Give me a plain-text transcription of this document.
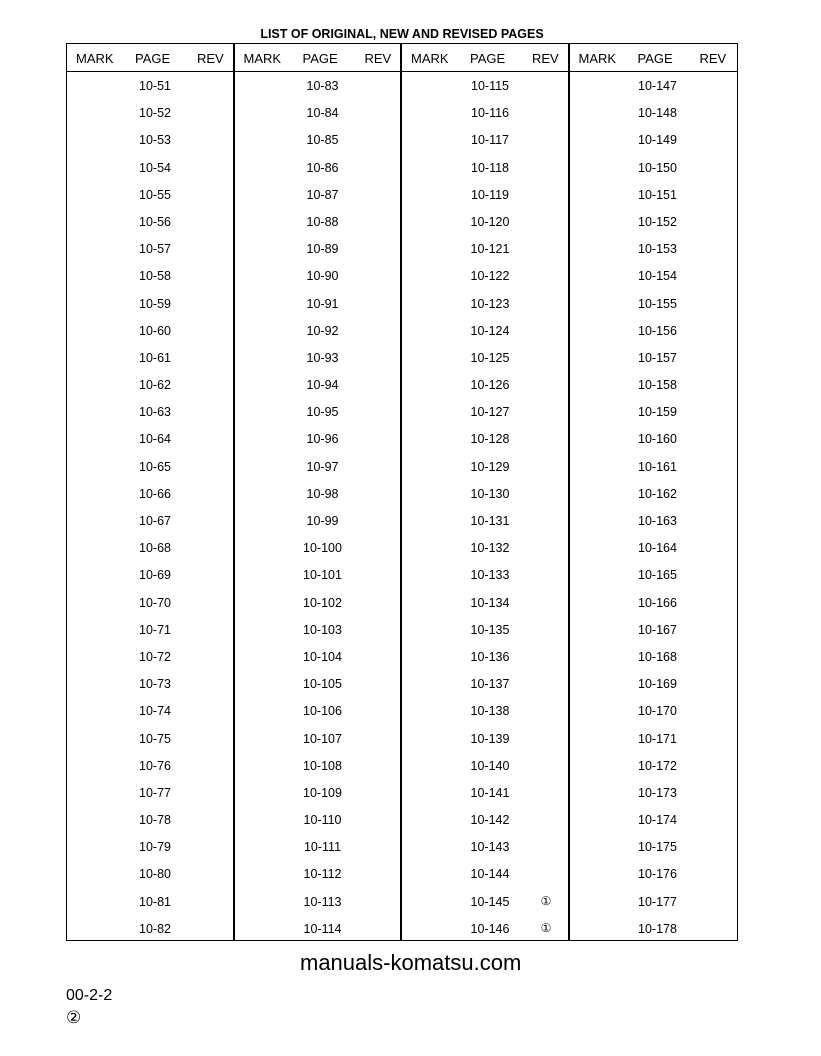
LIST OF ORIGINAL, NEW AND REVISED PAGES
MARK PAGE REV
10-51
10-52
10-53
10-54
10-55
10-56
10-57
10-58
10-59
10-60
10-61
10-62
10-63
10-64
10-65
10-66
10-67
10-68
10-69
10-70
10-71
10-72
10-73
10-74
10-75
10-76
10-77
10-78
10-79
10-80
10-81
10-82
MARK PAGE REV
10-83
10-84
10-85
10-86
10-87
10-88
10-89
10-90
10-91
10-92
10-93
10-94
10-95
10-96
10-97
10-98
10-99
10-100
10-101
10-102
10-103
10-104
10-105
10-106
10-107
10-108
10-109
10-110
10-111
10-112
10-113
10-114
MARK PAGE REV
10-115
10-116
10-117
10-118
10-119
10-120
10-121
10-122
10-123
10-124
10-125
10-126
10-127
10-128
10-129
10-130
10-131
10-132
10-133
10-134
10-135
10-136
10-137
10-138
10-139
10-140
10-141
10-142
10-143
10-144
10-145	①
10-146	①
MARK PAGE REV
10-147
10-148
10-149
10-150
10-151
10-152
10-153
10-154
10-155
10-156
10-157
10-158
10-159
10-160
10-161
10-162
10-163
10-164
10-165
10-166
10-167
10-168
10-169
10-170
10-171
10-172
10-173
10-174
10-175
10-176
10-177
10-178
manuals-komatsu.com
00-2-2
②
